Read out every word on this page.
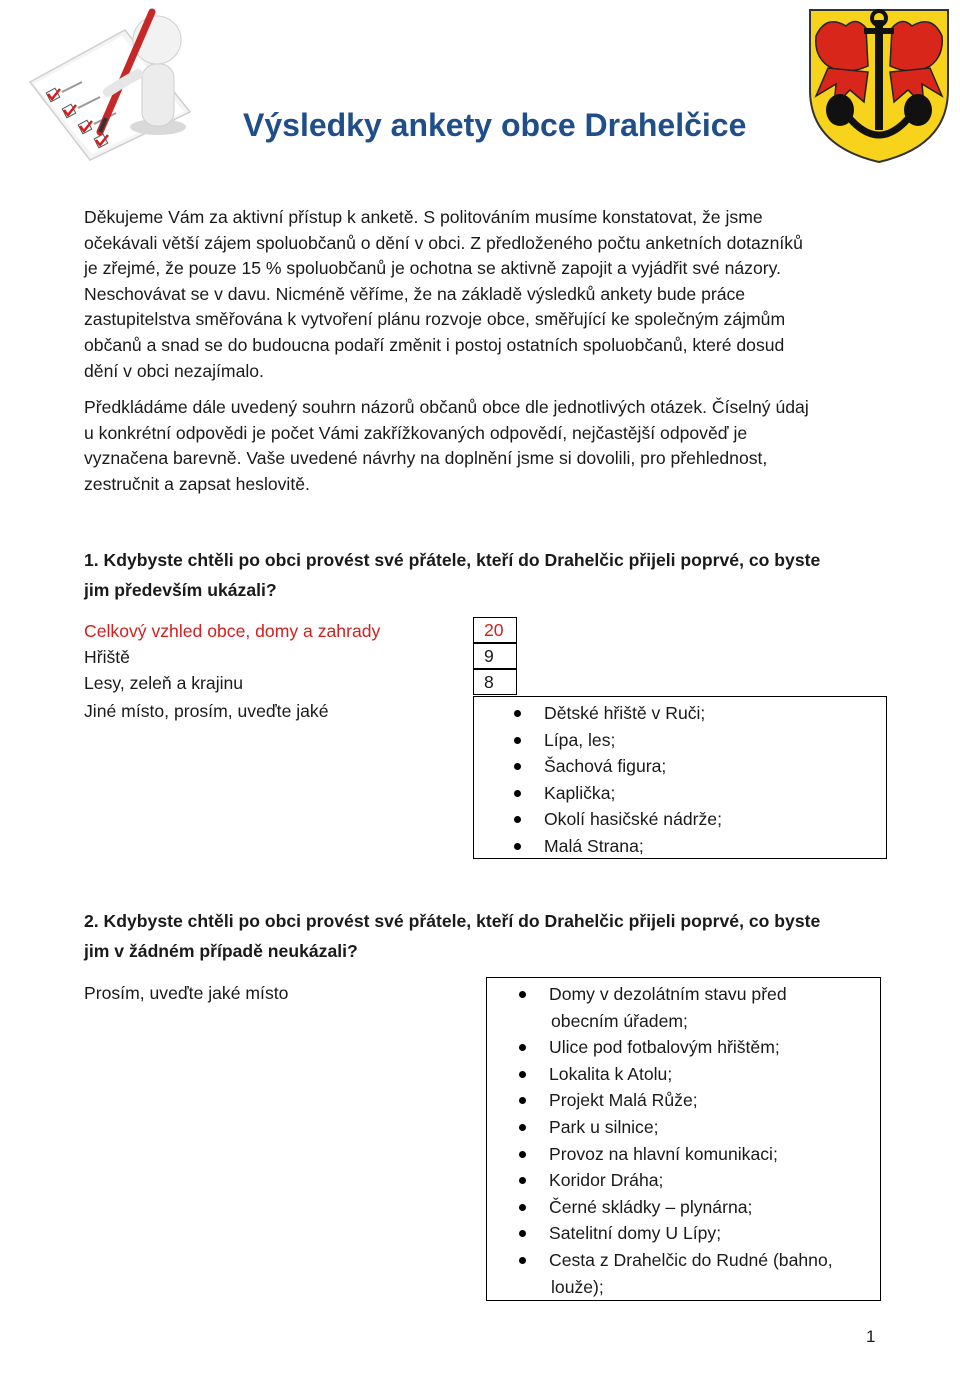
Výsledky ankety obce Drahelčice
Děkujeme Vám za aktivní přístup k anketě. S politováním musíme konstatovat, že jsme
očekávali větší zájem spoluobčanů o dění v obci. Z předloženého počtu anketních dotazníků
je zřejmé, že pouze 15 % spoluobčanů je ochotna se aktivně zapojit a vyjádřit své názory.
Neschovávat se v davu. Nicméně věříme, že na základě výsledků ankety bude práce
zastupitelstva směřována k vytvoření plánu rozvoje obce, směřující ke společným zájmům
občanů a snad se do budoucna podaří změnit i postoj ostatních spoluobčanů, které dosud
dění v obci nezajímalo.
Předkládáme dále uvedený souhrn názorů občanů obce dle jednotlivých otázek. Číselný údaj
u konkrétní odpovědi je počet Vámi zakřížkovaných odpovědí, nejčastější odpověď je
vyznačena barevně. Vaše uvedené návrhy na doplnění jsme si dovolili, pro přehlednost,
zestručnit a zapsat heslovitě.
1. Kdybyste chtěli po obci provést své přátele, kteří do Drahelčic přijeli poprvé, co byste
jim především ukázali?
Celkový vzhled obce, domy a zahrady	20
Hřiště	9
Lesy, zeleň a krajinu	8
Jiné místo, prosím, uveďte jaké	Dětské hřiště v Ruči;
Lípa, les;
Šachová figura;
Kaplička;
Okolí hasičské nádrže;
Malá Strana;
2. Kdybyste chtěli po obci provést své přátele, kteří do Drahelčic přijeli poprvé, co byste
jim v žádném případě neukázali?
Prosím, uveďte jaké místo	Domy v dezolátním stavu před
obecním úřadem;
Ulice pod fotbalovým hřištěm;
Lokalita k Atolu;
Projekt Malá Růže;
Park u silnice;
Provoz na hlavní komunikaci;
Koridor Dráha;
Černé skládky – plynárna;
Satelitní domy U Lípy;
Cesta z Drahelčic do Rudné (bahno,
louže);
1
